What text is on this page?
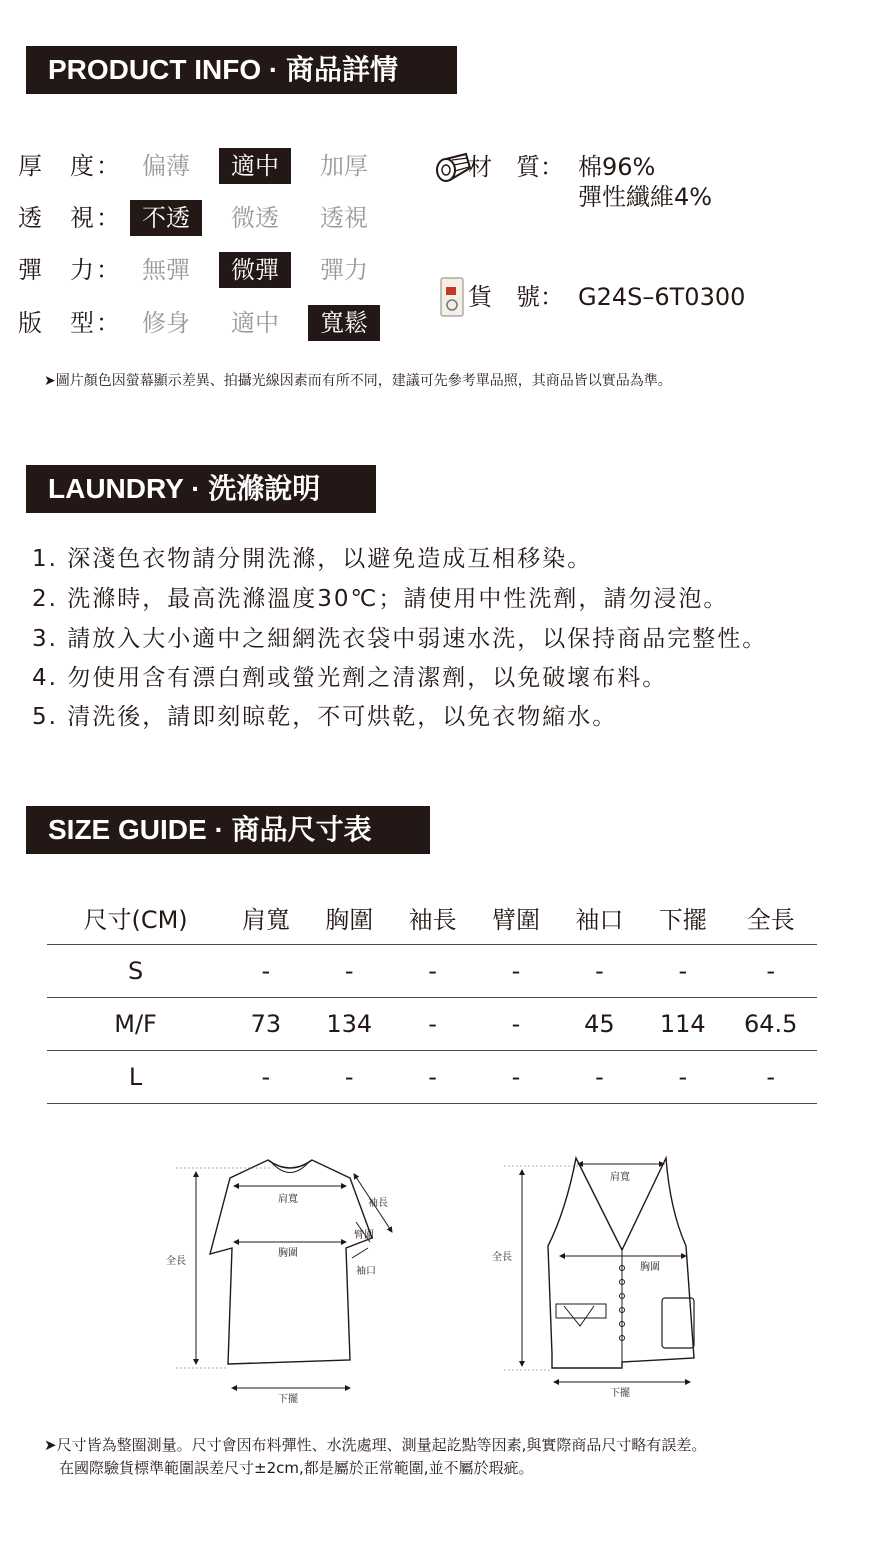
PRODUCT INFO · 商品詳情
厚　度： 偏薄	適中	加厚
透　視： 不透	微透	透視
彈　力： 無彈	微彈	彈力
版　型： 修身	適中	寬鬆
材　質： 棉96%
彈性纖維4%
貨　號： G24S–6T0300
➤圖片顏色因螢幕顯示差異、拍攝光線因素而有所不同，建議可先參考單品照，其商品皆以實品為準。
LAUNDRY · 洗滌說明
1. 深淺色衣物請分開洗滌，以避免造成互相移染。
2. 洗滌時，最高洗滌溫度30℃；請使用中性洗劑，請勿浸泡。
3. 請放入大小適中之細網洗衣袋中弱速水洗，以保持商品完整性。
4. 勿使用含有漂白劑或螢光劑之清潔劑，以免破壞布料。
5. 清洗後，請即刻晾乾，不可烘乾，以免衣物縮水。
SIZE GUIDE · 商品尺寸表
尺寸(CM)	肩寬	胸圍	袖長	臂圍	袖口	下擺	全長
S	-	-	-	-	-	-	-
M/F	73	134	-	-	45	114	64.5
L	-	-	-	-	-	-	-
肩寬
胸圍
全長
下擺
袖長
臂圍
袖口
肩寬
胸圍
全長
下擺
➤尺寸皆為整圈測量。尺寸會因布料彈性、水洗處理、測量起訖點等因素,與實際商品尺寸略有誤差。
　在國際驗貨標準範圍誤差尺寸±2cm,都是屬於正常範圍,並不屬於瑕疵。
